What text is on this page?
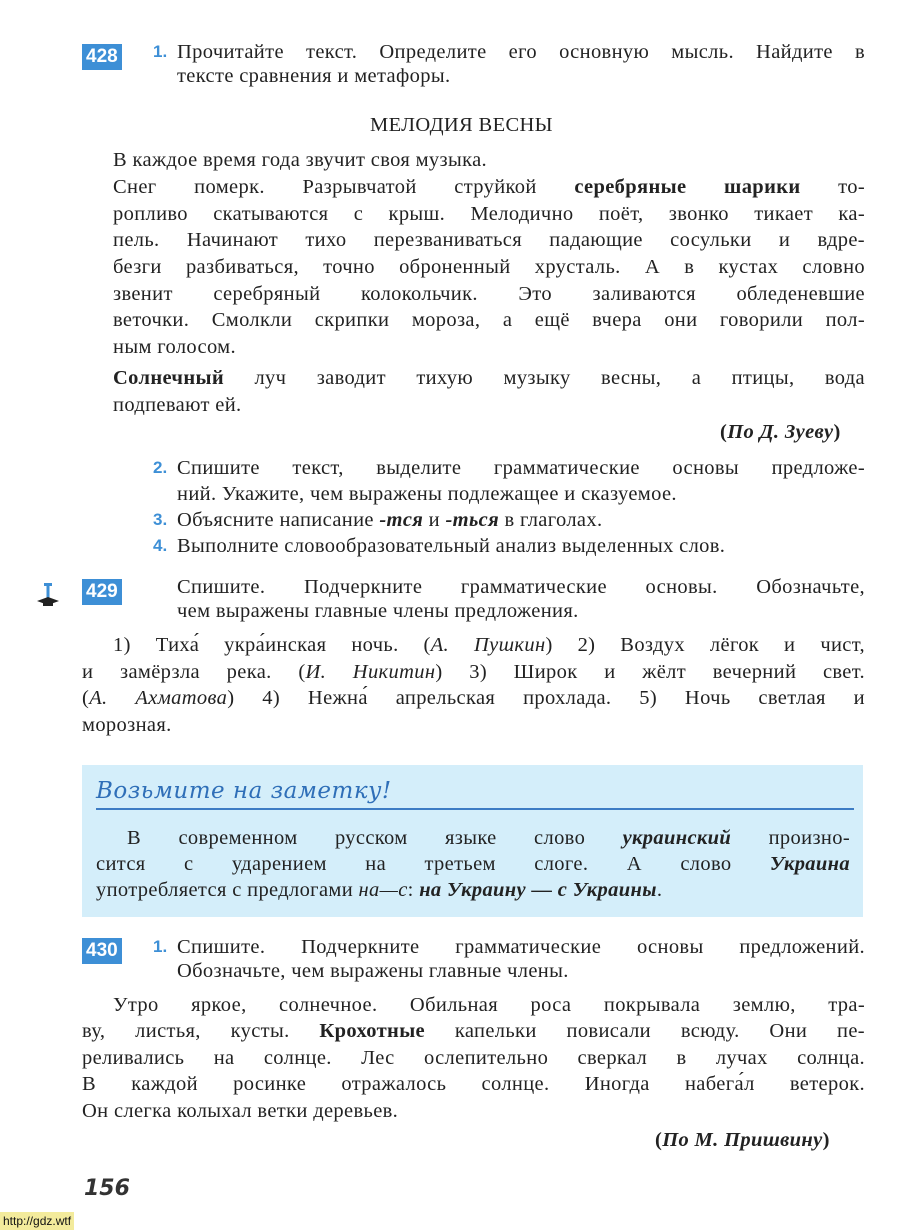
428 1.
2.
3.
4.
429
Возьмите на заметку!
430 1.
156
http://gdz.wtf
Прочитайте текст. Определите его основную мысль. Найдите в
тексте сравнения и метафоры.
МЕЛОДИЯ ВЕСНЫ
В каждое время года звучит своя музыка.
Снег померк. Разрывчатой струйкой серебряные шарики то-
ропливо скатываются с крыш. Мелодично поёт, звонко тикает ка-
пель. Начинают тихо перезваниваться падающие сосульки и вдре-
безги разбиваться, точно оброненный хрусталь. А в кустах словно
звенит серебряный колокольчик. Это заливаются обледеневшие
веточки. Смолкли скрипки мороза, а ещё вчера они говорили пол-
ным голосом.
Солнечный луч заводит тихую музыку весны, а птицы, вода
подпевают ей.
(По Д. Зуеву)
Спишите текст, выделите грамматические основы предложе-
ний. Укажите, чем выражены подлежащее и сказуемое.
Объясните написание -тся и -ться в глаголах.
Выполните словообразовательный анализ выделенных слов.
Спишите. Подчеркните грамматические основы. Обозначьте,
чем выражены главные члены предложения.
1) Тиха́ укра́инская ночь. (А. Пушкин) 2) Воздух лёгок и чист,
и замёрзла река. (И. Никитин) 3) Широк и жёлт вечерний свет.
(А. Ахматова) 4) Нежна́ апрельская прохлада. 5) Ночь светлая и
морозная.
В современном русском языке слово украинский произно-
сится с ударением на третьем слоге. А слово Украина
употребляется с предлогами на—с: на Украину — с Украины.
Спишите. Подчеркните грамматические основы предложений.
Обозначьте, чем выражены главные члены.
Утро яркое, солнечное. Обильная роса покрывала землю, тра-
ву, листья, кусты. Крохотные капельки повисали всюду. Они пе-
реливались на солнце. Лес ослепительно сверкал в лучах солнца.
В каждой росинке отражалось солнце. Иногда набега́л ветерок.
Он слегка колыхал ветки деревьев.
(По М. Пришвину)
